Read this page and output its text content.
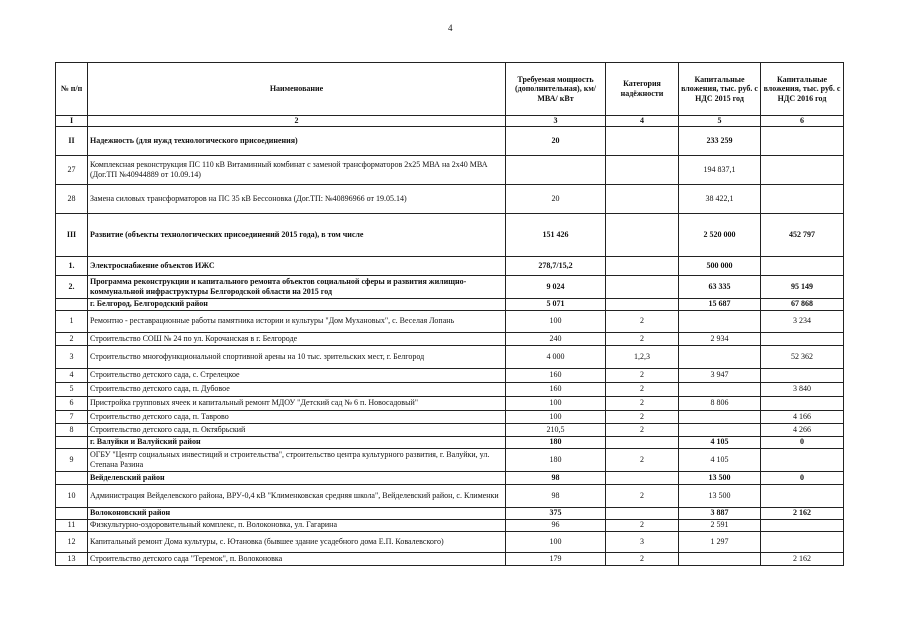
4
№ п/п	Наименование	Требуемая мощность (дополнительная), км/ МВА/ кВт	Категория надёжности	Капитальные вложения, тыс. руб. с НДС 2015 год	Капитальные вложения, тыс. руб. с НДС 2016 год
I	2	3	4	5	6
II	Надежность (для нужд технологического присоединения)	20		233 259	
27	Комплексная реконструкция ПС 110 кВ Витаминный комбинат с заменой трансформаторов 2х25 МВА на 2х40 МВА (Дог.ТП №40944889 от 10.09.14)			194 837,1	
28	Замена силовых трансформаторов на ПС 35 кВ Бессоновка (Дог.ТП: №40896966 от 19.05.14)	20		38 422,1	
III	Развитие (объекты технологических присоединений 2015 года), в том числе	151 426		2 520 000	452 797
1.	Электроснабжение объектов ИЖС	278,7/15,2		500 000	
2.	Программа реконструкции и капитального ремонта объектов социальной сферы и развития жилищно-коммунальной инфраструктуры Белгородской области на 2015 год	9 024		63 335	95 149
	г. Белгород, Белгородский район	5 071		15 687	67 868
1	Ремонтно - реставрационные работы памятника истории и культуры "Дом Мухановых", с. Веселая Лопань	100	2		3 234
2	Строительство СОШ № 24 по ул. Корочанская в г. Белгороде	240	2	2 934	
3	Строительство многофункциональной спортивной арены на 10 тыс. зрительских мест, г. Белгород	4 000	1,2,3		52 362
4	Строительство детского сада, с. Стрелецкое	160	2	3 947	
5	Строительство детского сада, п. Дубовое	160	2		3 840
6	Пристройка групповых ячеек и капитальный ремонт МДОУ "Детский сад № 6 п. Новосадовый"	100	2	8 806	
7	Строительство детского сада, п. Таврово	100	2		4 166
8	Строительство детского сада, п. Октябрьский	210,5	2		4 266
	г. Валуйки и Валуйский район	180		4 105	0
9	ОГБУ "Центр социальных инвестиций и строительства", строительство центра культурного развития, г. Валуйки, ул. Степана Разина	180	2	4 105	
	Вейделевский район	98		13 500	0
10	Администрация Вейделевского района, ВРУ-0,4 кВ "Клименковская средняя школа", Вейделевский район, с. Клименки	98	2	13 500	
	Волоконовский район	375		3 887	2 162
11	Физкультурно-оздоровительный комплекс, п. Волоконовка, ул. Гагарина	96	2	2 591	
12	Капитальный ремонт Дома культуры, с. Ютановка (бывшее здание усадебного дома Е.П. Ковалевского)	100	3	1 297	
13	Строительство детского сада "Теремок", п. Волоконовка	179	2		2 162
